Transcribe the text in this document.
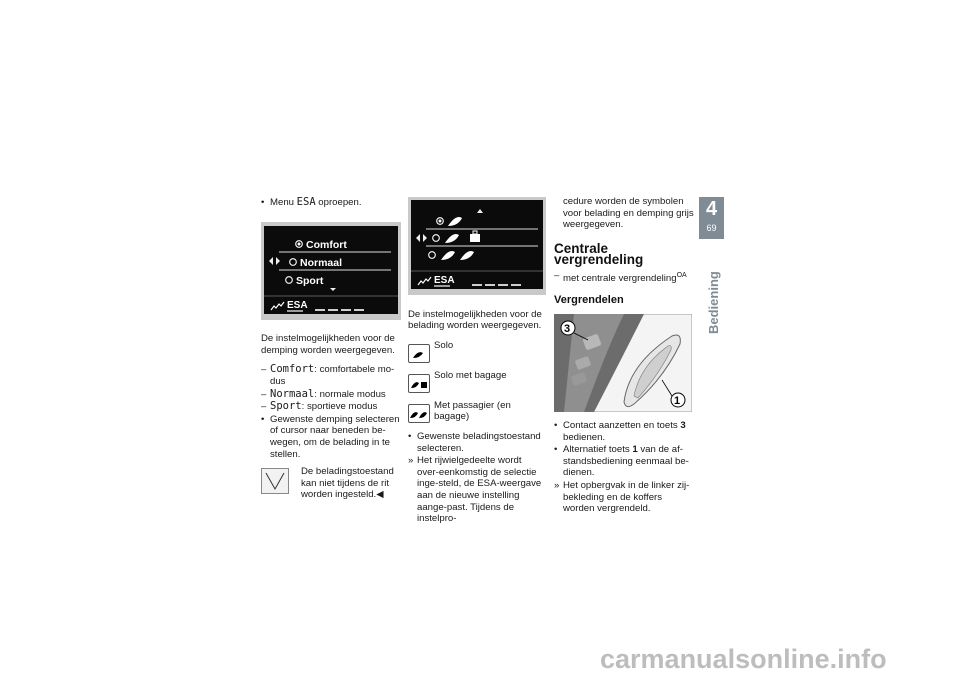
• Menu ESA oproepen.
Comfort
Normaal
Sport
ESA
De instelmogelijkheden voor de demping worden weergegeven.
– Comfort: comfortabele mo-dus
– Normaal: normale modus
– Sport: sportieve modus
• Gewenste demping selecteren of cursor naar beneden be-wegen, om de belading in te stellen.
De beladingstoestand kan niet tijdens de rit worden ingesteld.◀
ESA
De instelmogelijkheden voor de belading worden weergegeven.
Solo
Solo met bagage
Met passagier (en bagage)
• Gewenste beladingstoestand selecteren.
» Het rijwielgedeelte wordt over-eenkomstig de selectie inge-steld, de ESA-weergave aan de nieuwe instelling aange-past. Tijdens de instelpro-
cedure worden de symbolen voor belading en demping grijs weergegeven.
Centrale vergrendeling
– met centrale vergrendeling$^{OA}$
Vergrendelen
3
1
• Contact aanzetten en toets 3 bedienen.
• Alternatief toets 1 van de af-standsbediening eenmaal be-dienen.
» Het opbergvak in de linker zij-bekleding en de koffers worden vergrendeld.
4
69
Bediening
carmanualsonline.info
